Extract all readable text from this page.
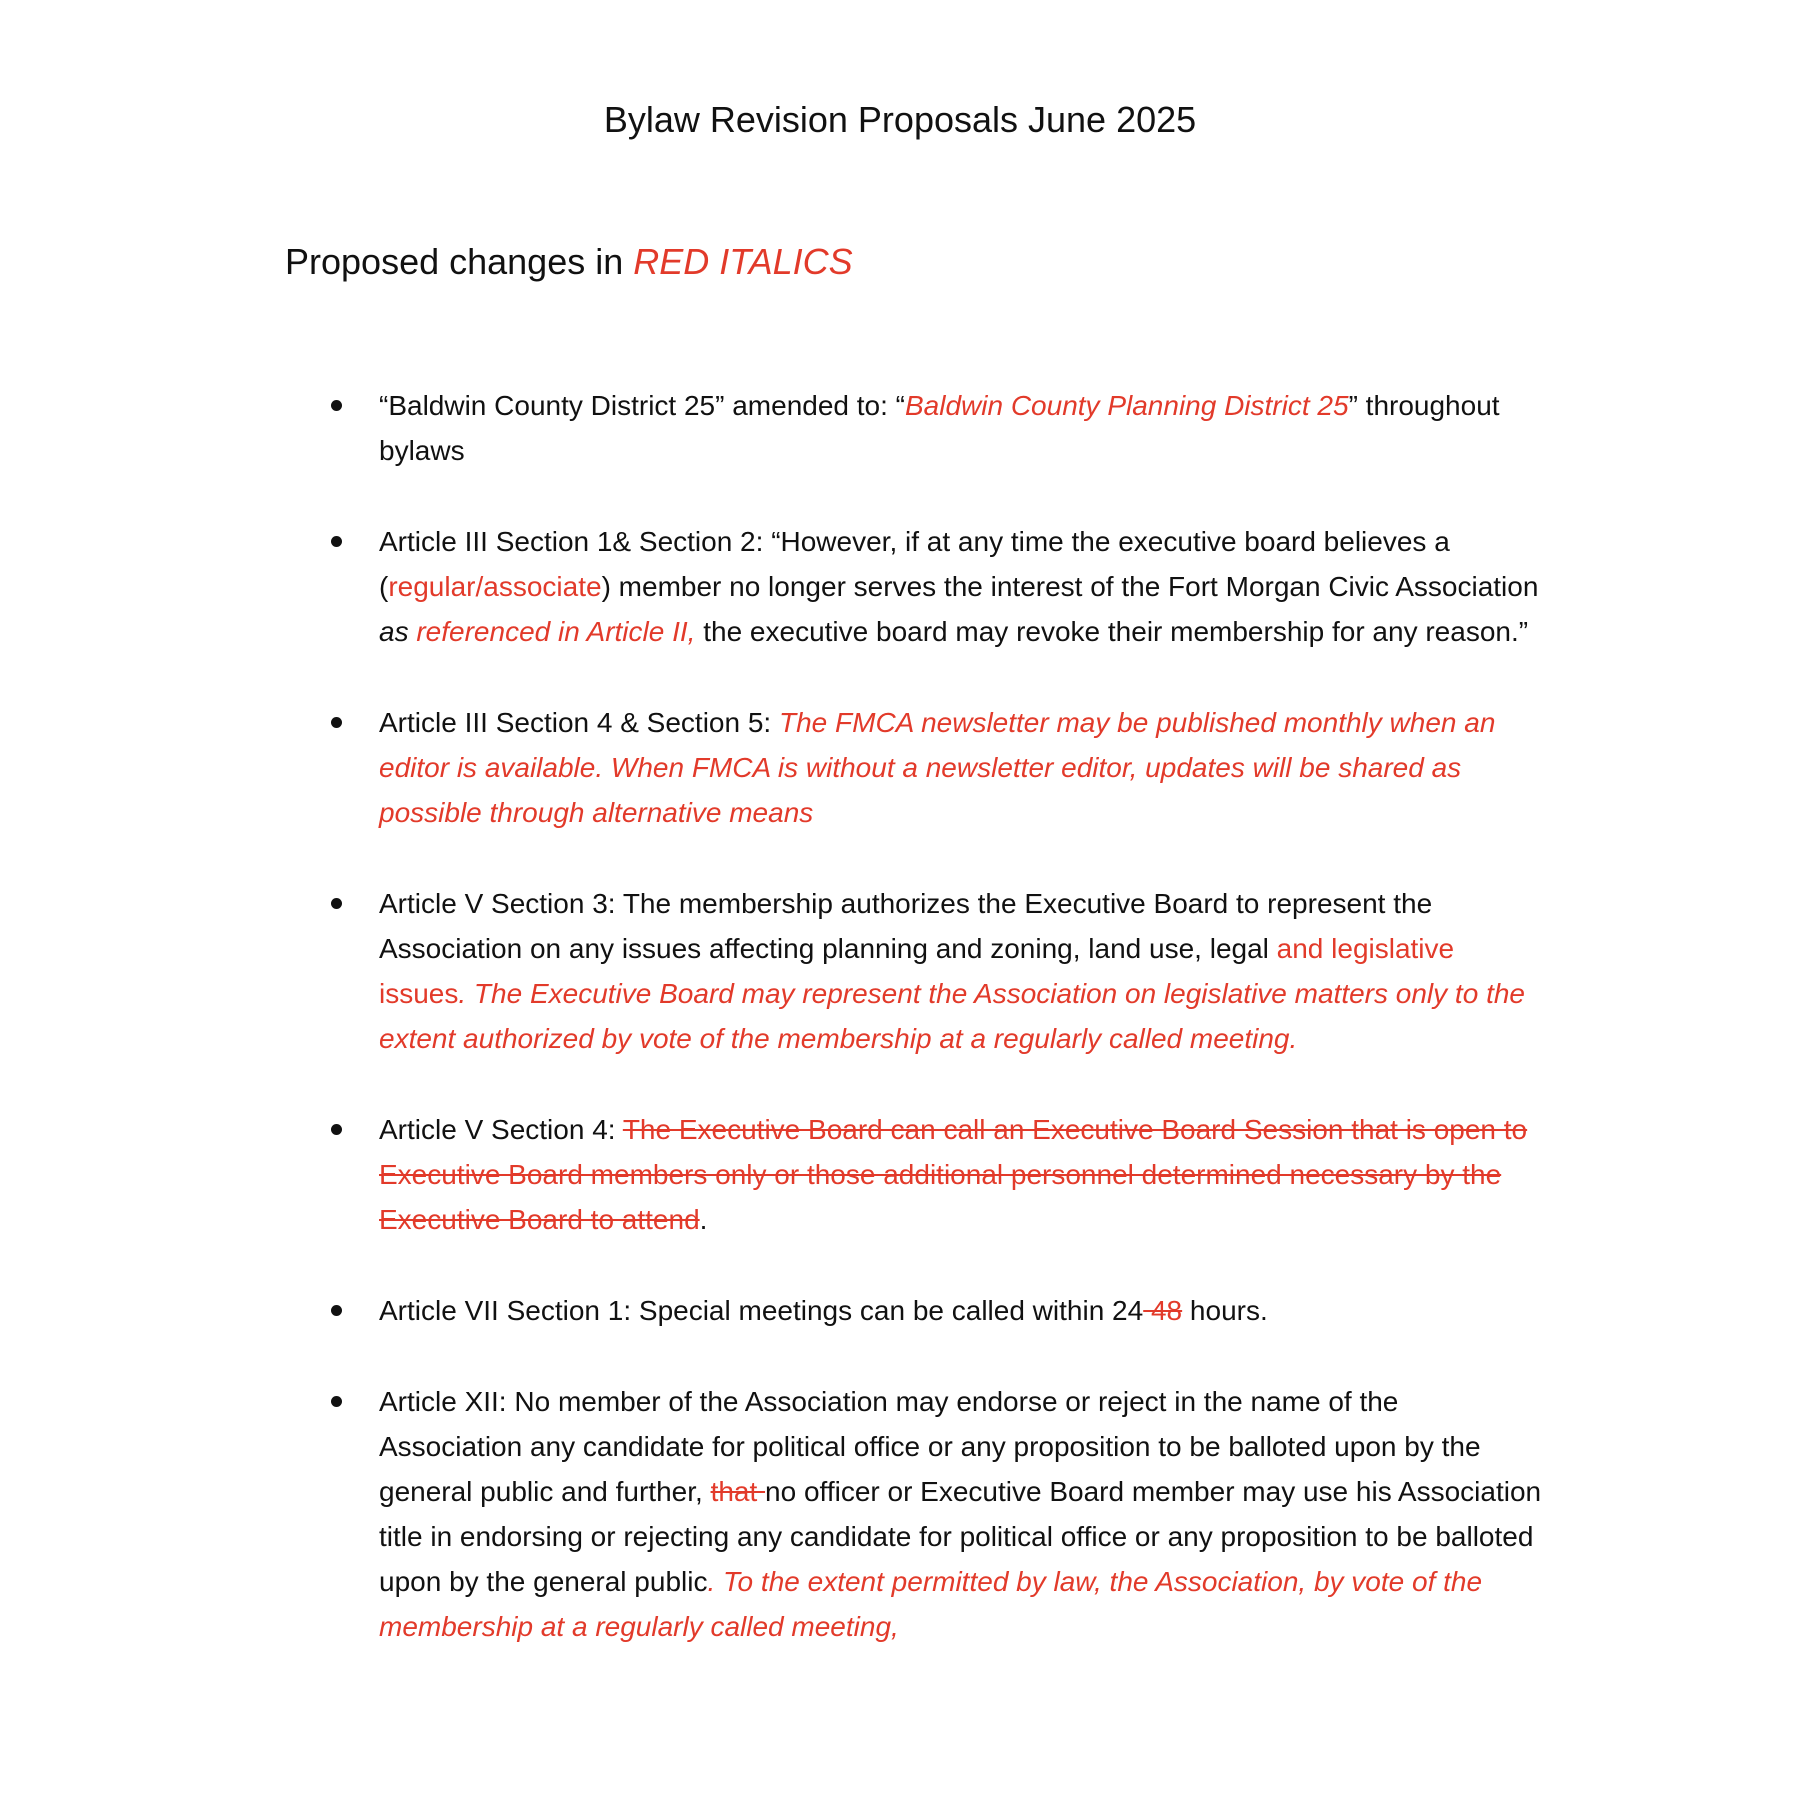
Bylaw Revision Proposals June 2025
Proposed changes in RED ITALICS
“Baldwin County District 25” amended to: “Baldwin County Planning District 25” throughout bylaws
Article III Section 1& Section 2: “However, if at any time the executive board believes a (regular/associate) member no longer serves the interest of the Fort Morgan Civic Association as referenced in Article II, the executive board may revoke their membership for any reason.”
Article III Section 4 & Section 5: The FMCA newsletter may be published monthly when an editor is available. When FMCA is without a newsletter editor, updates will be shared as possible through alternative means
Article V Section 3: The membership authorizes the Executive Board to represent the Association on any issues affecting planning and zoning, land use, legal and legislative issues. The Executive Board may represent the Association on legislative matters only to the extent authorized by vote of the membership at a regularly called meeting.
Article V Section 4: The Executive Board can call an Executive Board Session that is open to Executive Board members only or those additional personnel determined necessary by the Executive Board to attend.
Article VII Section 1: Special meetings can be called within 24 48 hours.
Article XII: No member of the Association may endorse or reject in the name of the Association any candidate for political office or any proposition to be balloted upon by the general public and further, that no officer or Executive Board member may use his Association title in endorsing or rejecting any candidate for political office or any proposition to be balloted upon by the general public. To the extent permitted by law, the Association, by vote of the membership at a regularly called meeting,
